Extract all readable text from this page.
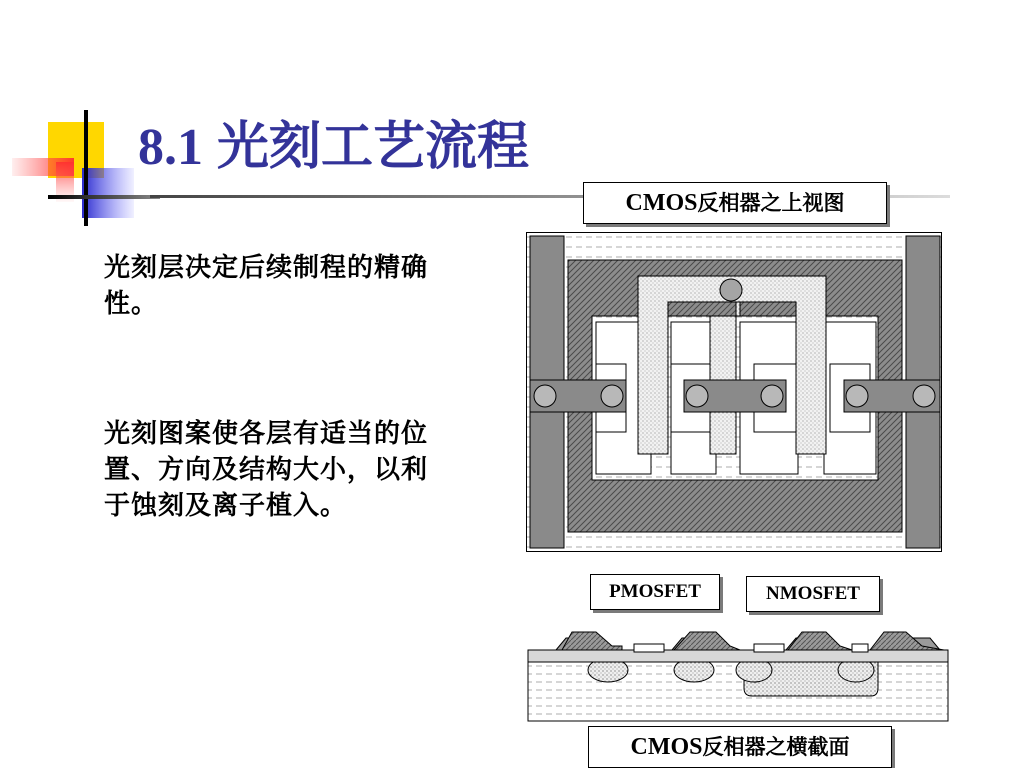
8.1 光刻工艺流程
光刻层决定后续制程的精确性。
光刻图案使各层有适当的位置、方向及结构大小，以利于蚀刻及离子植入。
CMOS反相器之上视图
PMOSFET	NMOSFET
CMOS反相器之横截面
